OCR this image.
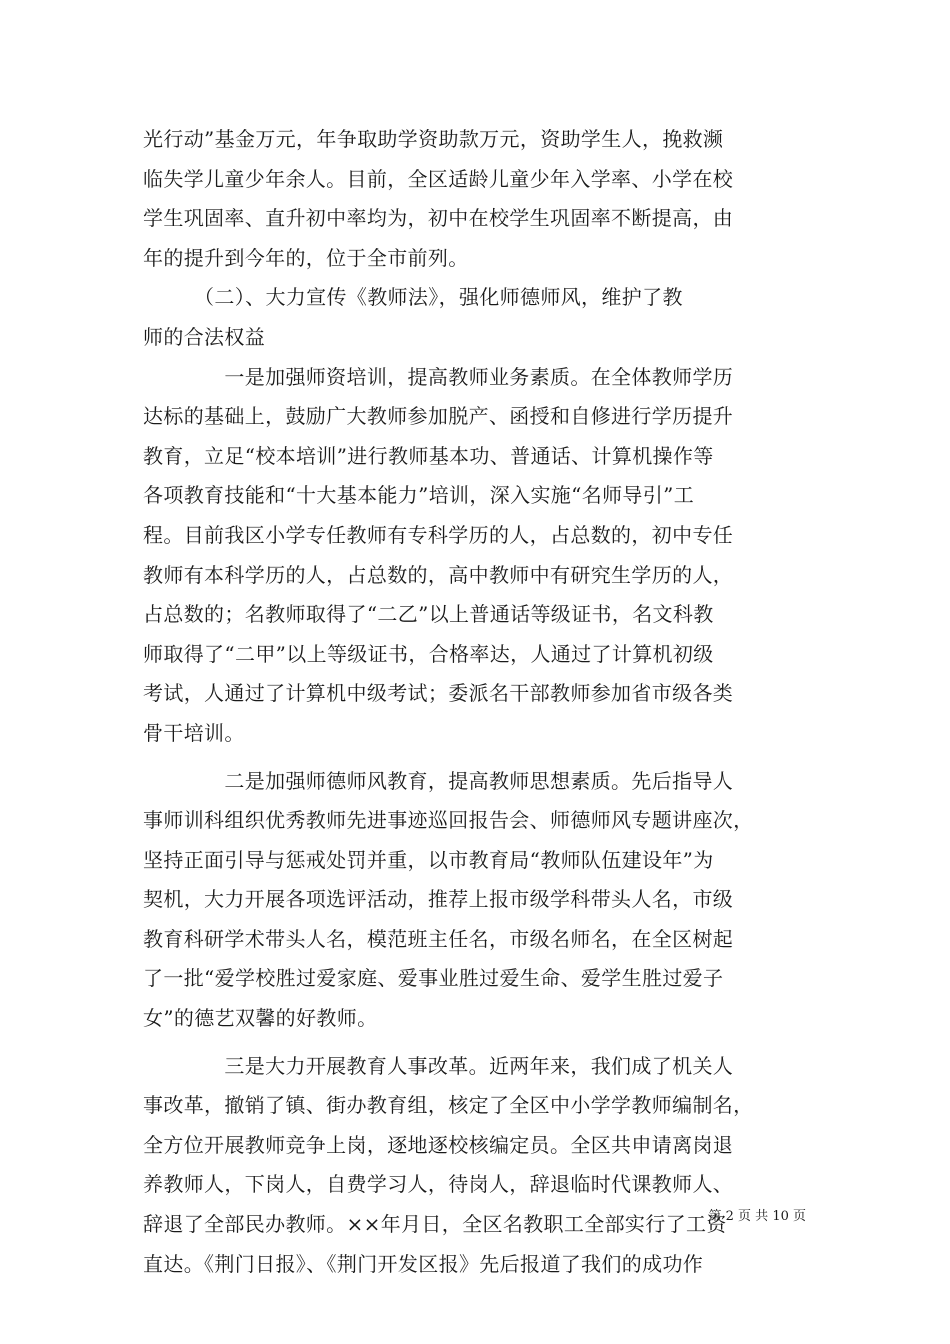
光行动”基金万元，年争取助学资助款万元，资助学生人，挽救濒

临失学儿童少年余人。目前，全区适龄儿童少年入学率、小学在校

学生巩固率、直升初中率均为，初中在校学生巩固率不断提高，由

年的提升到今年的，位于全市前列。

　　　（二）、大力宣传《教师法》，强化师德师风，维护了教

师的合法权益

　　　　一是加强师资培训，提高教师业务素质。在全体教师学历

达标的基础上，鼓励广大教师参加脱产、函授和自修进行学历提升

教育，立足“校本培训”进行教师基本功、普通话、计算机操作等

各项教育技能和“十大基本能力”培训，深入实施“名师导引”工

程。目前我区小学专任教师有专科学历的人，占总数的，初中专任

教师有本科学历的人，占总数的，高中教师中有研究生学历的人，

占总数的；名教师取得了“二乙”以上普通话等级证书，名文科教

师取得了“二甲”以上等级证书，合格率达，人通过了计算机初级

考试，人通过了计算机中级考试；委派名干部教师参加省市级各类

骨干培训。

　　　　二是加强师德师风教育，提高教师思想素质。先后指导人

事师训科组织优秀教师先进事迹巡回报告会、师德师风专题讲座次，

坚持正面引导与惩戒处罚并重，以市教育局“教师队伍建设年”为

契机，大力开展各项选评活动，推荐上报市级学科带头人名，市级

教育科研学术带头人名，模范班主任名，市级名师名，在全区树起

了一批“爱学校胜过爱家庭、爱事业胜过爱生命、爱学生胜过爱子

女”的德艺双馨的好教师。

　　　　三是大力开展教育人事改革。近两年来，我们成了机关人

事改革，撤销了镇、街办教育组，核定了全区中小学学教师编制名，

全方位开展教师竞争上岗，逐地逐校核编定员。全区共申请离岗退

养教师人，下岗人，自费学习人，待岗人，辞退临时代课教师人、

辞退了全部民办教师。××年月日，全区名教职工全部实行了工资

直达。《荆门日报》、《荆门开发区报》先后报道了我们的成功作

第 2 页 共 10 页
